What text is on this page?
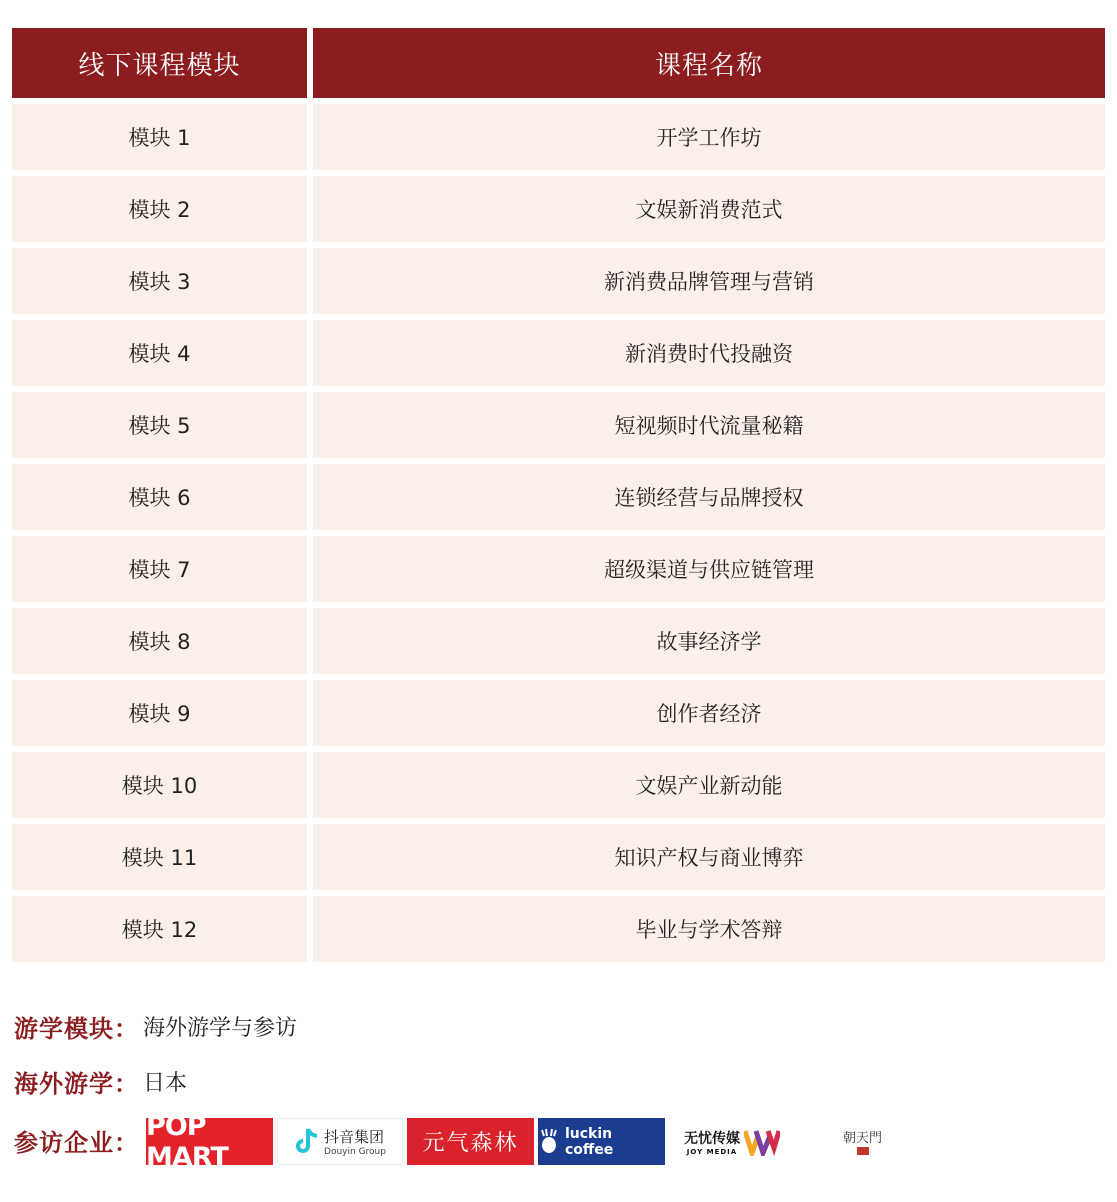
线下课程模块	课程名称
模块 1	开学工作坊
模块 2	文娱新消费范式
模块 3	新消费品牌管理与营销
模块 4	新消费时代投融资
模块 5	短视频时代流量秘籍
模块 6	连锁经营与品牌授权
模块 7	超级渠道与供应链管理
模块 8	故事经济学
模块 9	创作者经济
模块 10	文娱产业新动能
模块 11	知识产权与商业博弈
模块 12	毕业与学术答辩
游学模块： 海外游学与参访
海外游学： 日本
参访企业：
POP MART
抖音集团
Douyin Group 元气森林	luckin coffee
无忧传媒
JOY MEDIA
朝天門
